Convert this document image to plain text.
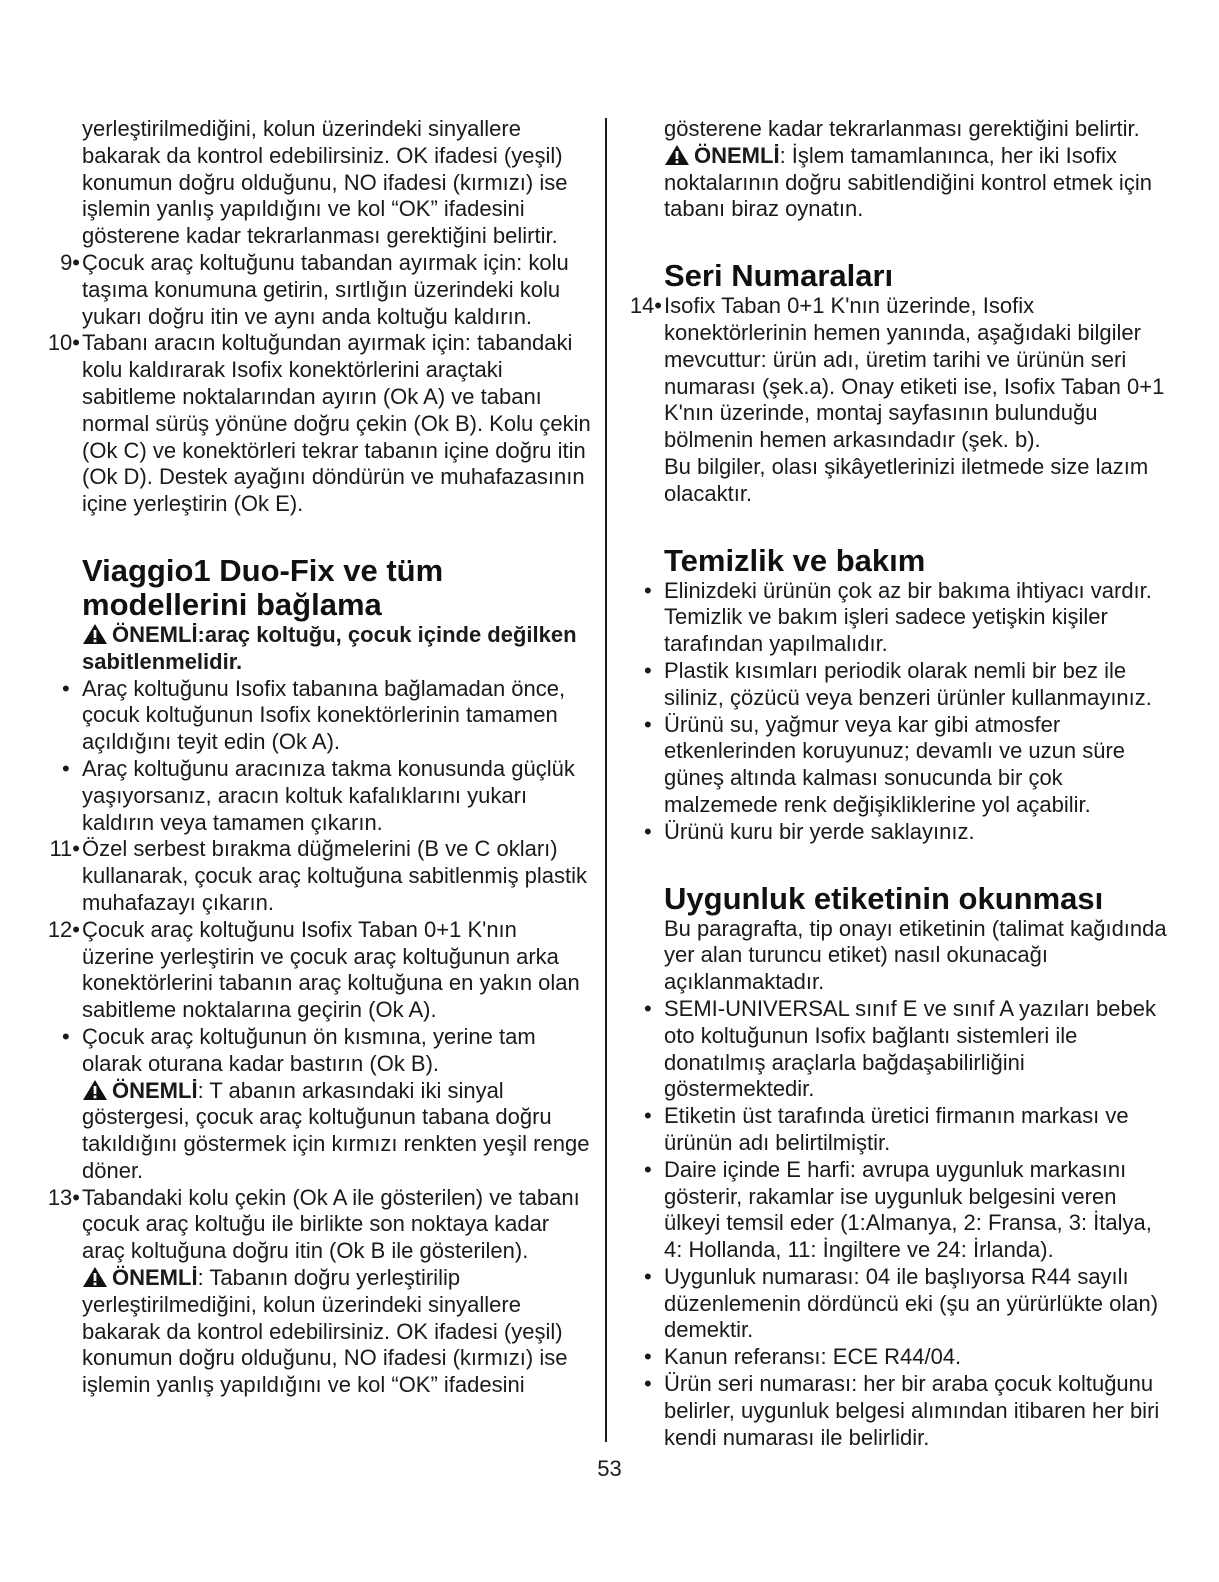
yerleştirilmediğini, kolun üzerindeki sinyallere bakarak da kontrol edebilirsiniz. OK ifadesi (yeşil) konumun doğru olduğunu, NO ifadesi (kırmızı) ise işlemin yanlış yapıldığını ve kol “OK” ifadesini gösterene kadar tekrarlanması gerektiğini belirtir.
9• Çocuk araç koltuğunu tabandan ayırmak için: kolu taşıma konumuna getirin, sırtlığın üzerindeki kolu yukarı doğru itin ve aynı anda koltuğu kaldırın.
10• Tabanı aracın koltuğundan ayırmak için: tabandaki kolu kaldırarak Isofix konektörlerini araçtaki sabitleme noktalarından ayırın (Ok A) ve tabanı normal sürüş yönüne doğru çekin (Ok B). Kolu çekin (Ok C) ve konektörleri tekrar tabanın içine doğru itin (Ok D). Destek ayağını döndürün ve muhafazasının içine yerleştirin (Ok E).
Viaggio1 Duo-Fix ve tüm modellerini bağlama
ÖNEMLİ:araç koltuğu, çocuk içinde değilken sabitlenmelidir.
• Araç koltuğunu Isofix tabanına bağlamadan önce, çocuk koltuğunun Isofix konektörlerinin tamamen açıldığını teyit edin (Ok A).
• Araç koltuğunu aracınıza takma konusunda güçlük yaşıyorsanız, aracın koltuk kafalıklarını yukarı kaldırın veya tamamen çıkarın.
11• Özel serbest bırakma düğmelerini (B ve C okları) kullanarak, çocuk araç koltuğuna sabitlenmiş plastik muhafazayı çıkarın.
12• Çocuk araç koltuğunu Isofix Taban 0+1 K'nın üzerine yerleştirin ve çocuk araç koltuğunun arka konektörlerini tabanın araç koltuğuna en yakın olan sabitleme noktalarına geçirin (Ok A).
• Çocuk araç koltuğunun ön kısmına, yerine tam olarak oturana kadar bastırın (Ok B).
ÖNEMLİ: T abanın arkasındaki iki sinyal göstergesi, çocuk araç koltuğunun tabana doğru takıldığını göstermek için kırmızı renkten yeşil renge döner.
13• Tabandaki kolu çekin (Ok A ile gösterilen) ve tabanı çocuk araç koltuğu ile birlikte son noktaya kadar araç koltuğuna doğru itin (Ok B ile gösterilen).
ÖNEMLİ: Tabanın doğru yerleştirilip yerleştirilmediğini, kolun üzerindeki sinyallere bakarak da kontrol edebilirsiniz. OK ifadesi (yeşil) konumun doğru olduğunu, NO ifadesi (kırmızı) ise işlemin yanlış yapıldığını ve kol “OK” ifadesini
gösterene kadar tekrarlanması gerektiğini belirtir.
ÖNEMLİ: İşlem tamamlanınca, her iki Isofix noktalarının doğru sabitlendiğini kontrol etmek için tabanı biraz oynatın.
Seri Numaraları
14• Isofix Taban 0+1 K'nın üzerinde, Isofix konektörlerinin hemen yanında, aşağıdaki bilgiler mevcuttur: ürün adı, üretim tarihi ve ürünün seri numarası (şek.a). Onay etiketi ise, Isofix Taban 0+1 K'nın üzerinde, montaj sayfasının bulunduğu bölmenin hemen arkasındadır (şek. b).
Bu bilgiler, olası şikâyetlerinizi iletmede size lazım olacaktır.
Temizlik ve bakım
• Elinizdeki ürünün çok az bir bakıma ihtiyacı vardır. Temizlik ve bakım işleri sadece yetişkin kişiler tarafından yapılmalıdır.
• Plastik kısımları periodik olarak nemli bir bez ile siliniz, çözücü veya benzeri ürünler kullanmayınız.
• Ürünü su, yağmur veya kar gibi atmosfer etkenlerinden koruyunuz; devamlı ve uzun süre güneş altında kalması sonucunda bir çok malzemede renk değişikliklerine yol açabilir.
• Ürünü kuru bir yerde saklayınız.
Uygunluk etiketinin okunması
Bu paragrafta, tip onayı etiketinin (talimat kağıdında yer alan turuncu etiket) nasıl okunacağı açıklanmaktadır.
• SEMI-UNIVERSAL sınıf E ve sınıf A yazıları bebek oto koltuğunun Isofix bağlantı sistemleri ile donatılmış araçlarla bağdaşabilirliğini göstermektedir.
• Etiketin üst tarafında üretici firmanın markası ve ürünün adı belirtilmiştir.
• Daire içinde E harfi: avrupa uygunluk markasını gösterir, rakamlar ise uygunluk belgesini veren ülkeyi temsil eder (1:Almanya, 2: Fransa, 3: İtalya, 4: Hollanda, 11: İngiltere ve 24: İrlanda).
• Uygunluk numarası: 04 ile başlıyorsa R44 sayılı düzenlemenin dördüncü eki (şu an yürürlükte olan) demektir.
• Kanun referansı: ECE R44/04.
• Ürün seri numarası: her bir araba çocuk koltuğunu belirler, uygunluk belgesi alımından itibaren her biri kendi numarası ile belirlidir.
53
